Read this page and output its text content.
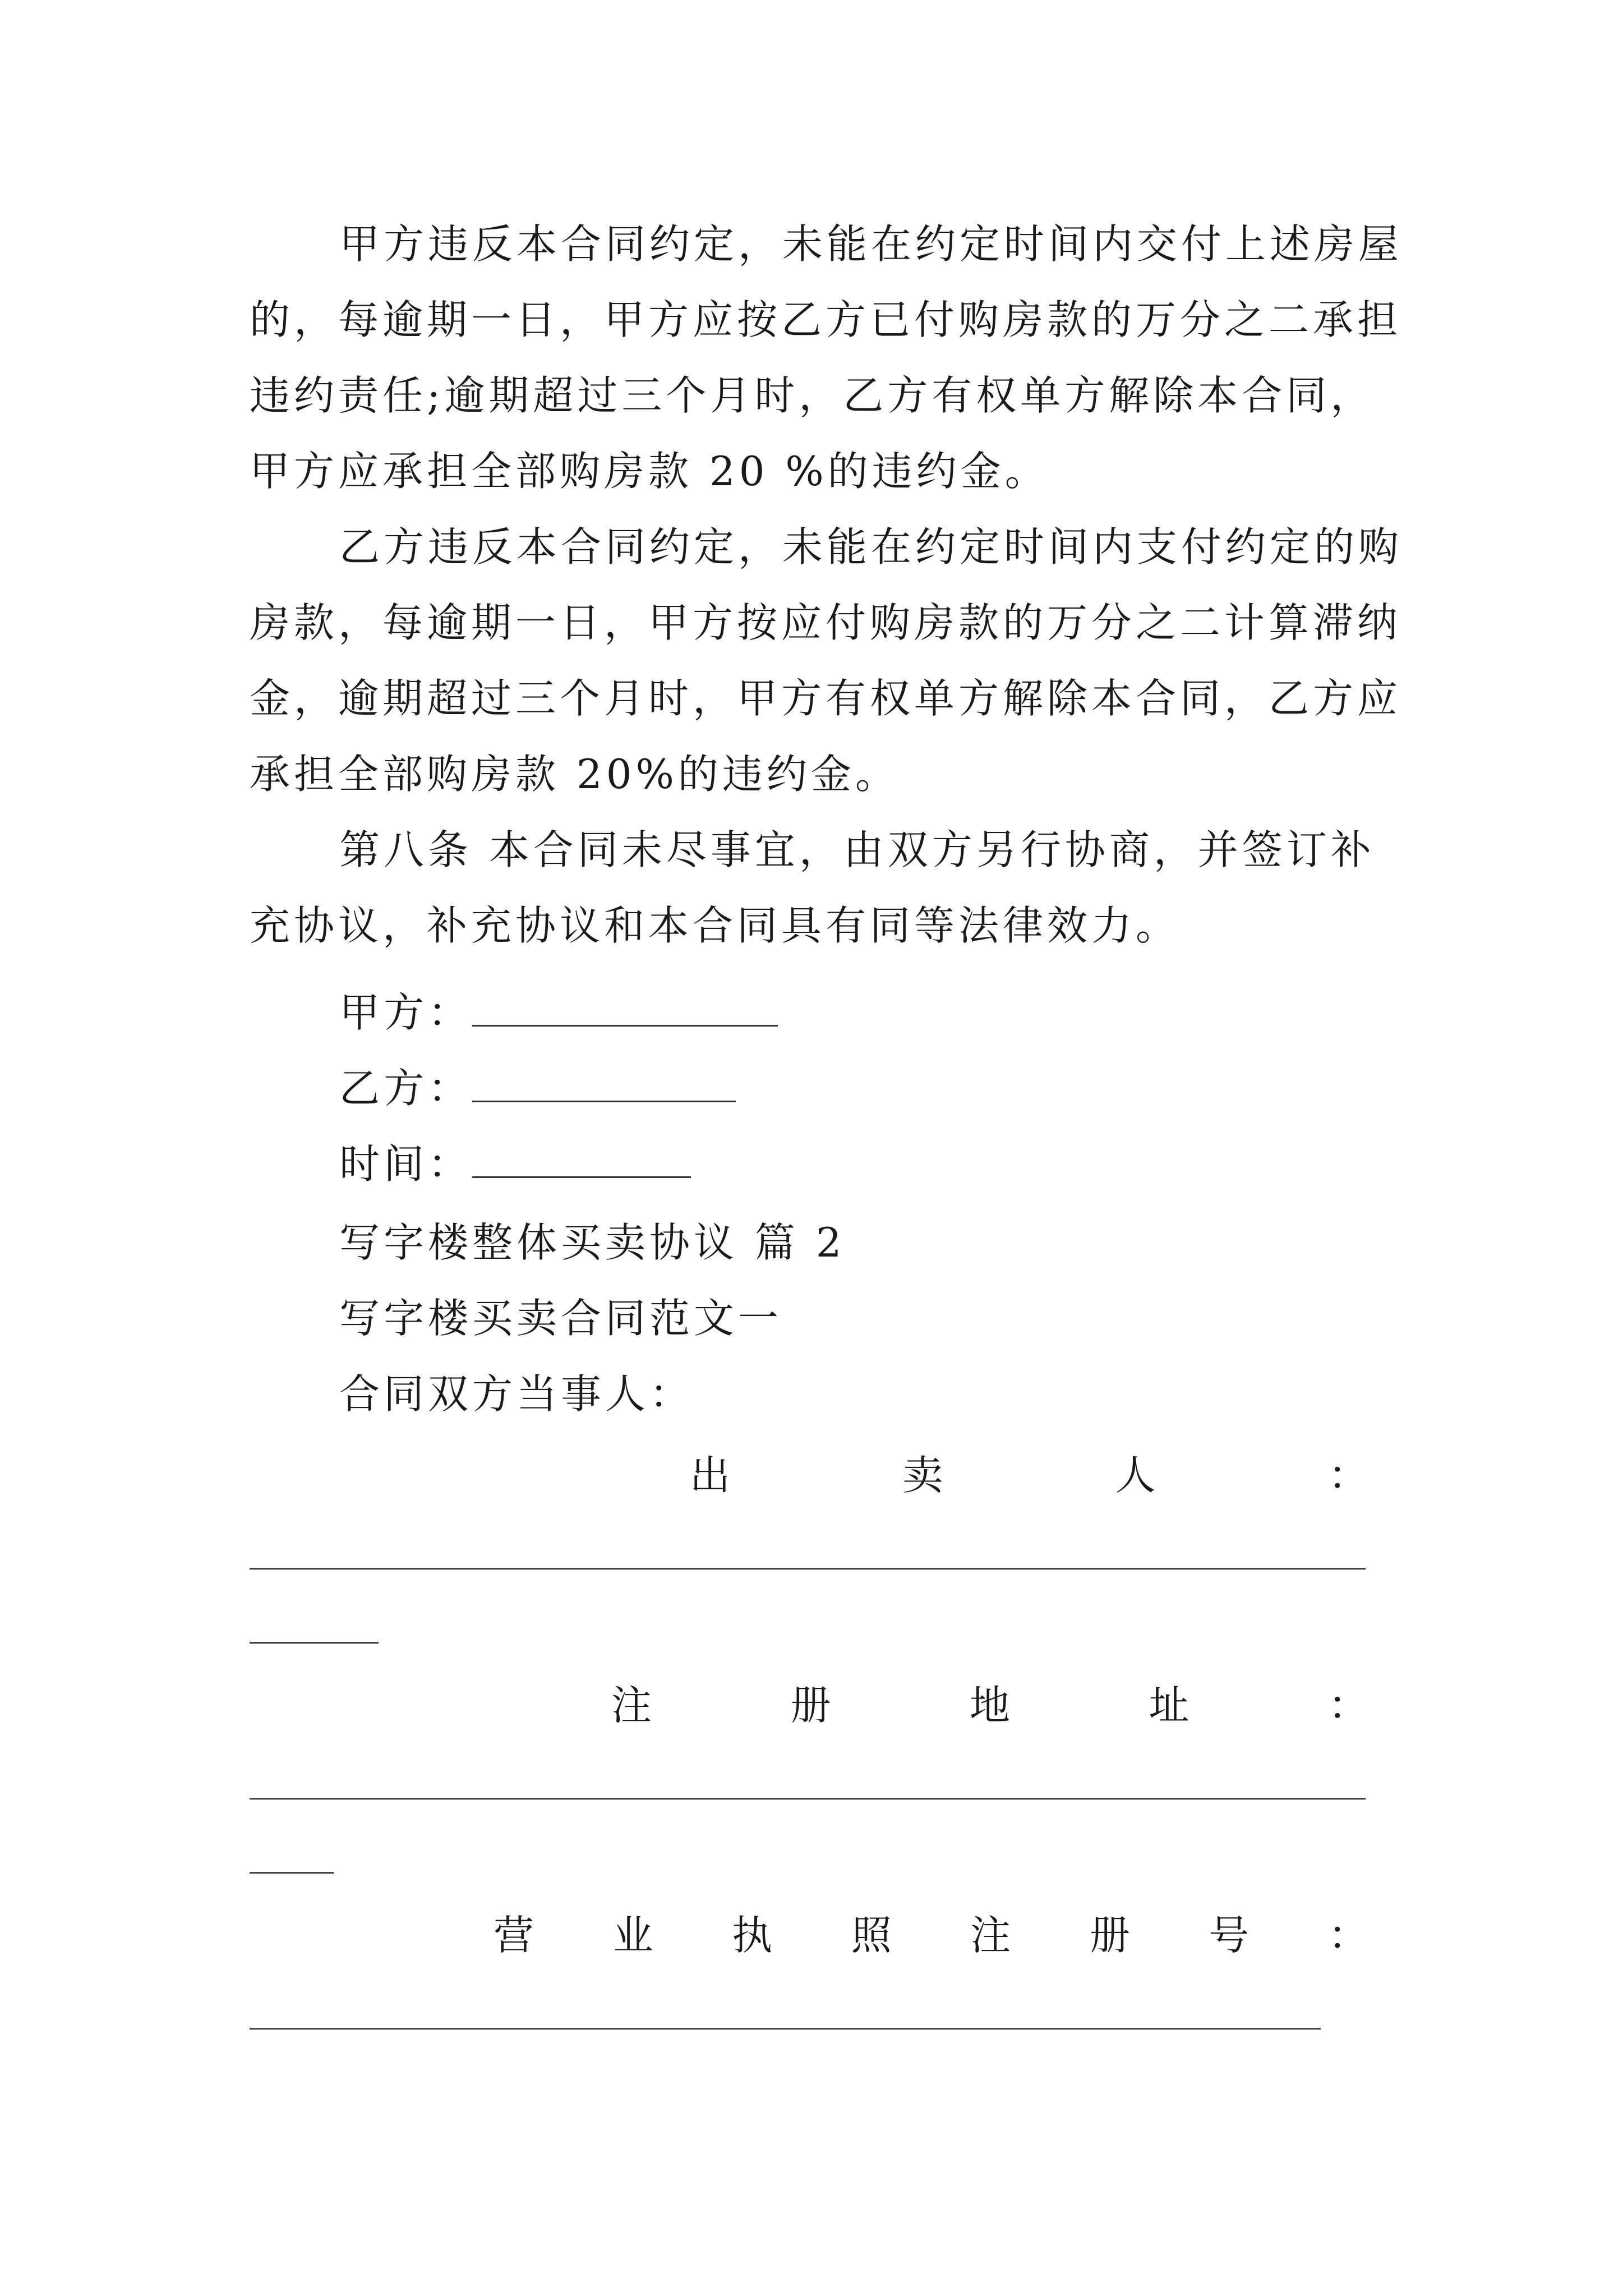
甲方违反本合同约定，未能在约定时间内交付上述房屋
的，每逾期一日，甲方应按乙方已付购房款的万分之二承担
违约责任;逾期超过三个月时，乙方有权单方解除本合同，
甲方应承担全部购房款 20 %的违约金。
乙方违反本合同约定，未能在约定时间内支付约定的购
房款，每逾期一日，甲方按应付购房款的万分之二计算滞纳
金，逾期超过三个月时，甲方有权单方解除本合同，乙方应
承担全部购房款 20%的违约金。
第八条 本合同未尽事宜，由双方另行协商，并签订补
充协议，补充协议和本合同具有同等法律效力。
甲方：
乙方：
时间：
写字楼整体买卖协议 篇 2
写字楼买卖合同范文一
合同双方当事人：
出	卖	人	：
注	册	地	址	：
营 业 执 照 注 册 号 ：
